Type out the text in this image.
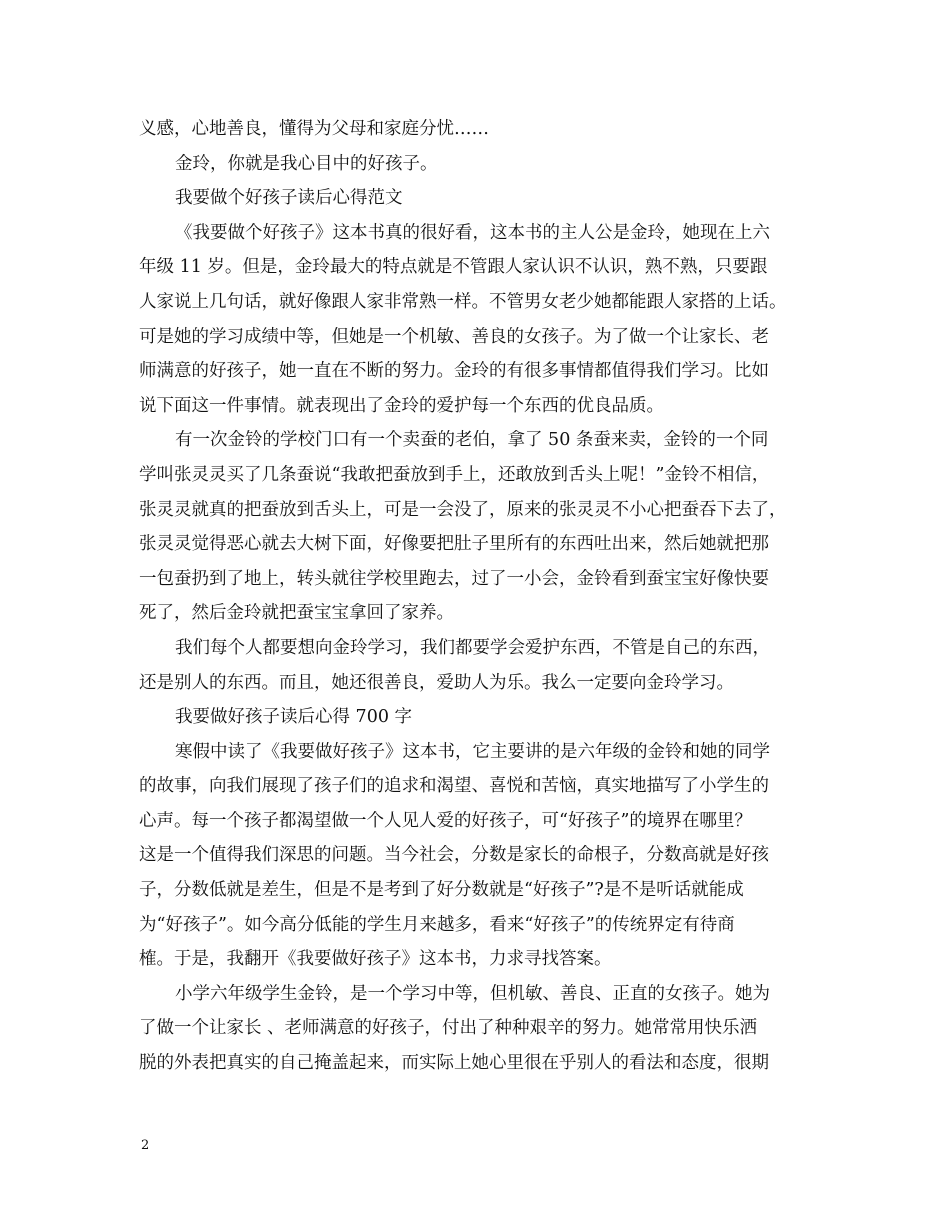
义感，心地善良，懂得为父母和家庭分忧……
金玲，你就是我心目中的好孩子。
我要做个好孩子读后心得范文
《我要做个好孩子》这本书真的很好看，这本书的主人公是金玲，她现在上六
年级 11 岁。但是，金玲最大的特点就是不管跟人家认识不认识，熟不熟，只要跟
人家说上几句话，就好像跟人家非常熟一样。不管男女老少她都能跟人家搭的上话。
可是她的学习成绩中等，但她是一个机敏、善良的女孩子。为了做一个让家长、老
师满意的好孩子，她一直在不断的努力。金玲的有很多事情都值得我们学习。比如
说下面这一件事情。就表现出了金玲的爱护每一个东西的优良品质。
有一次金铃的学校门口有一个卖蚕的老伯，拿了 50 条蚕来卖，金铃的一个同
学叫张灵灵买了几条蚕说“我敢把蚕放到手上，还敢放到舌头上呢！”金铃不相信，
张灵灵就真的把蚕放到舌头上，可是一会没了，原来的张灵灵不小心把蚕吞下去了，
张灵灵觉得恶心就去大树下面，好像要把肚子里所有的东西吐出来，然后她就把那
一包蚕扔到了地上，转头就往学校里跑去，过了一小会，金铃看到蚕宝宝好像快要
死了，然后金玲就把蚕宝宝拿回了家养。
我们每个人都要想向金玲学习，我们都要学会爱护东西，不管是自己的东西，
还是别人的东西。而且，她还很善良，爱助人为乐。我么一定要向金玲学习。
我要做好孩子读后心得 700 字
寒假中读了《我要做好孩子》这本书，它主要讲的是六年级的金铃和她的同学
的故事，向我们展现了孩子们的追求和渴望、喜悦和苦恼，真实地描写了小学生的
心声。每一个孩子都渴望做一个人见人爱的好孩子，可“好孩子”的境界在哪里？
这是一个值得我们深思的问题。当今社会，分数是家长的命根子，分数高就是好孩
子，分数低就是差生，但是不是考到了好分数就是“好孩子”?是不是听话就能成
为“好孩子”。如今高分低能的学生月来越多，看来“好孩子”的传统界定有待商
榷。于是，我翻开《我要做好孩子》这本书，力求寻找答案。
小学六年级学生金铃，是一个学习中等，但机敏、善良、正直的女孩子。她为
了做一个让家长 、老师满意的好孩子，付出了种种艰辛的努力。她常常用快乐洒
脱的外表把真实的自己掩盖起来，而实际上她心里很在乎别人的看法和态度，很期
2
